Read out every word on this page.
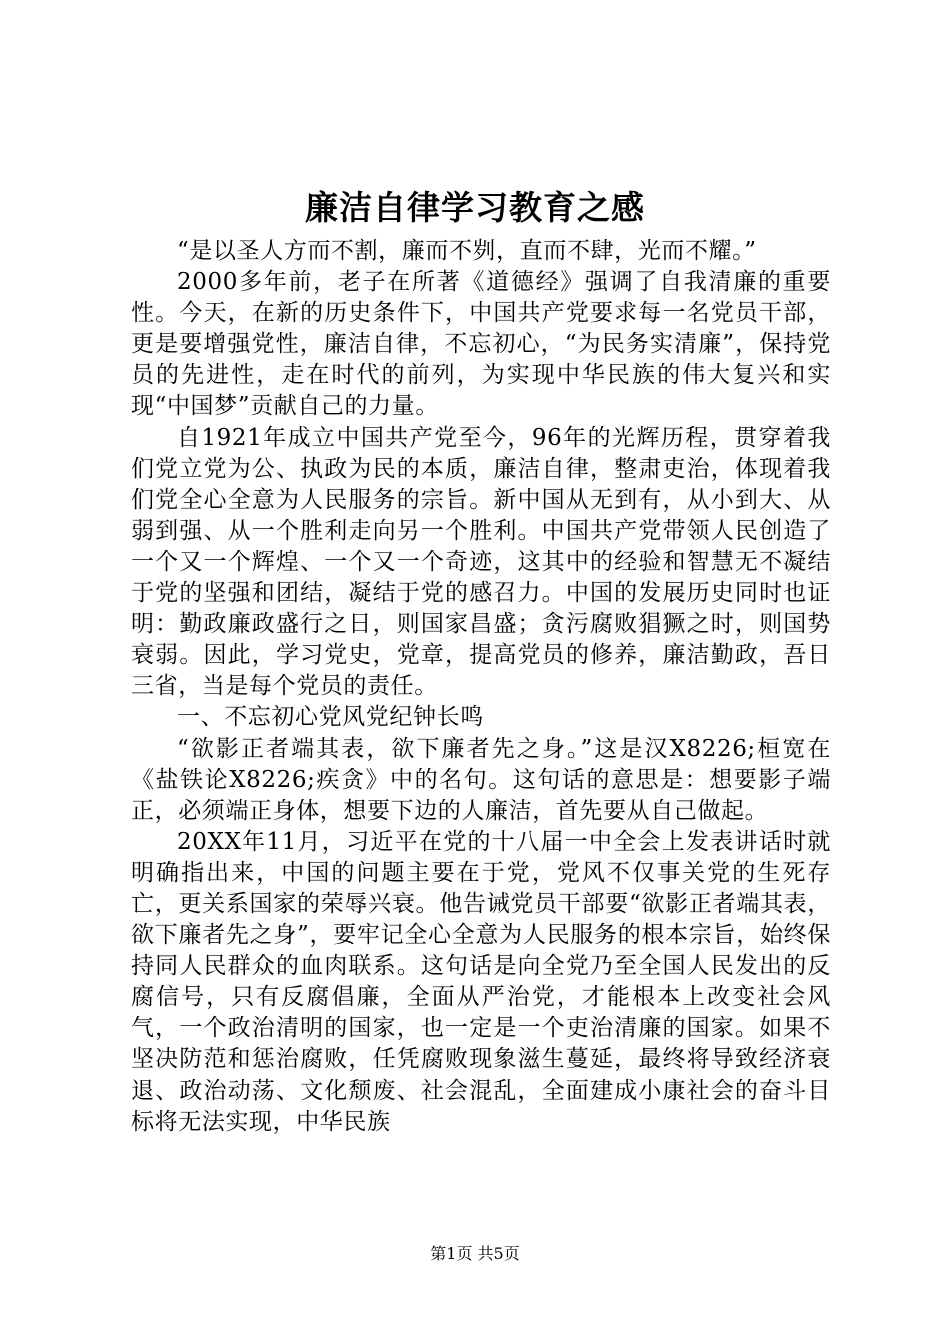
廉洁自律学习教育之感

“是以圣人方而不割，廉而不刿，直而不肆，光而不耀。”

2000多年前，老子在所著《道德经》强调了自我清廉的重要性。今天，在新的历史条件下，中国共产党要求每一名党员干部，更是要增强党性，廉洁自律，不忘初心，“为民务实清廉”，保持党员的先进性，走在时代的前列，为实现中华民族的伟大复兴和实现“中国梦”贡献自己的力量。

自1921年成立中国共产党至今，96年的光辉历程，贯穿着我们党立党为公、执政为民的本质，廉洁自律，整肃吏治，体现着我们党全心全意为人民服务的宗旨。新中国从无到有，从小到大、从弱到强、从一个胜利走向另一个胜利。中国共产党带领人民创造了一个又一个辉煌、一个又一个奇迹，这其中的经验和智慧无不凝结于党的坚强和团结，凝结于党的感召力。中国的发展历史同时也证明：勤政廉政盛行之日，则国家昌盛；贪污腐败猖獗之时，则国势衰弱。因此，学习党史，党章，提高党员的修养，廉洁勤政，吾日三省，当是每个党员的责任。

一、不忘初心党风党纪钟长鸣

“欲影正者端其表，欲下廉者先之身。”这是汉X8226;桓宽在《盐铁论X8226;疾贪》中的名句。这句话的意思是：想要影子端正，必须端正身体，想要下边的人廉洁，首先要从自己做起。

20XX年11月，习近平在党的十八届一中全会上发表讲话时就明确指出来，中国的问题主要在于党，党风不仅事关党的生死存亡，更关系国家的荣辱兴衰。他告诫党员干部要“欲影正者端其表，欲下廉者先之身”，要牢记全心全意为人民服务的根本宗旨，始终保持同人民群众的血肉联系。这句话是向全党乃至全国人民发出的反腐信号，只有反腐倡廉，全面从严治党，才能根本上改变社会风气，一个政治清明的国家，也一定是一个吏治清廉的国家。如果不坚决防范和惩治腐败，任凭腐败现象滋生蔓延，最终将导致经济衰退、政治动荡、文化颓废、社会混乱，全面建成小康社会的奋斗目标将无法实现，中华民族

第1页 共5页
